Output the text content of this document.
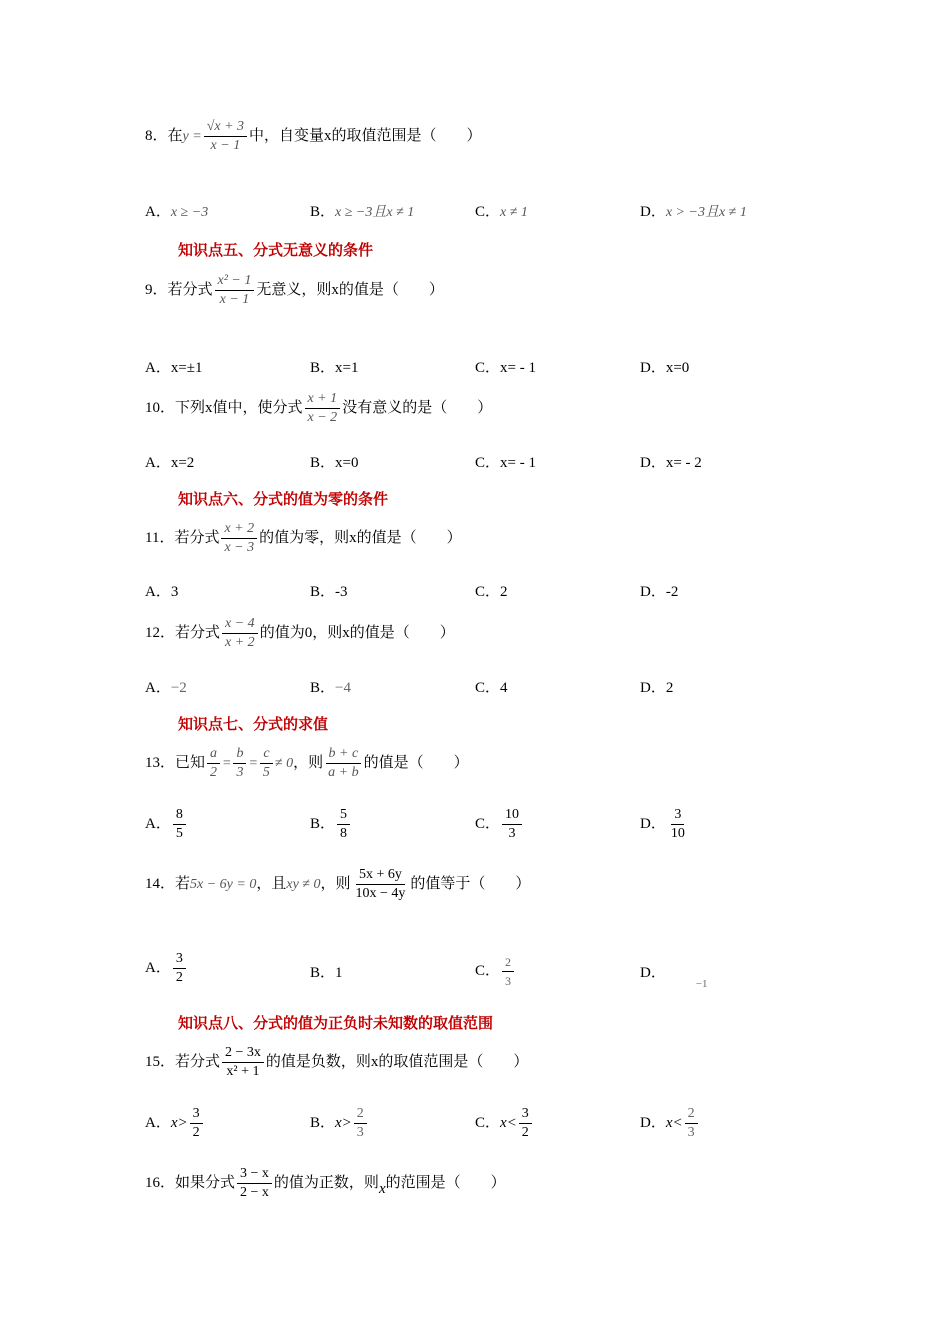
8．在$y = \frac{√x + 3}{x - 1}$ 中，自变量x的取值范围是（　　）
A．x ≥ −3	B．x ≥ −3且x ≠ 1	C．x ≠ 1	D．x > −3且x ≠ 1
知识点五、分式无意义的条件
9．若分式 $\frac{\text{x² − 1}}{x - 1}$ 无意义，则x的值是（　　）
A．x=±1	B．x=1	C．x= - 1	D．x=0
10．下列x值中，使分式 $\frac{x + 1}{x - 2}$ 没有意义的是（　　）
A．x=2	B．x=0	C．x= - 1	D．x= - 2
知识点六、分式的值为零的条件
11．若分式 $\frac{x + 2}{x - 3}$ 的值为零，则x的值是（　　）
A．3	B．-3	C．2	D．-2
12．若分式 $\frac{x - 4}{x + 2}$ 的值为0，则x的值是（　　）
A．−2	B．−4	C．4	D．2
知识点七、分式的求值
13．已知 $\frac{a}{2} = \frac{b}{3} = \frac{c}{5} \ne 0$，则 $\frac{b + c}{a + b}$ 的值是（　　）
A． $\frac{8}{5}$	B． $\frac{5}{8}$	C． $\frac{10}{3}$	D． $\frac{3}{10}$
14．若5x − 6y = 0，且xy ≠ 0，则 $\frac{5x + 6y}{10x - 4y}$ 的值等于（　　）
A． $\frac{3}{2}$	B．1	C． $\frac{2}{3}$	D．$_{-1}$
知识点八、分式的值为正负时未知数的取值范围
15．若分式 $\frac{2 - 3x}{\text{x² + 1}}$ 的值是负数，则x的取值范围是（　　）
A．$x> \frac{3}{2}$	B．$x> \frac{2}{3}$	C．$x< \frac{3}{2}$	D．$x< \frac{2}{3}$
16．如果分式 $\frac{3 - x}{2 - x}$ 的值为正数，则x的范围是（　　）
